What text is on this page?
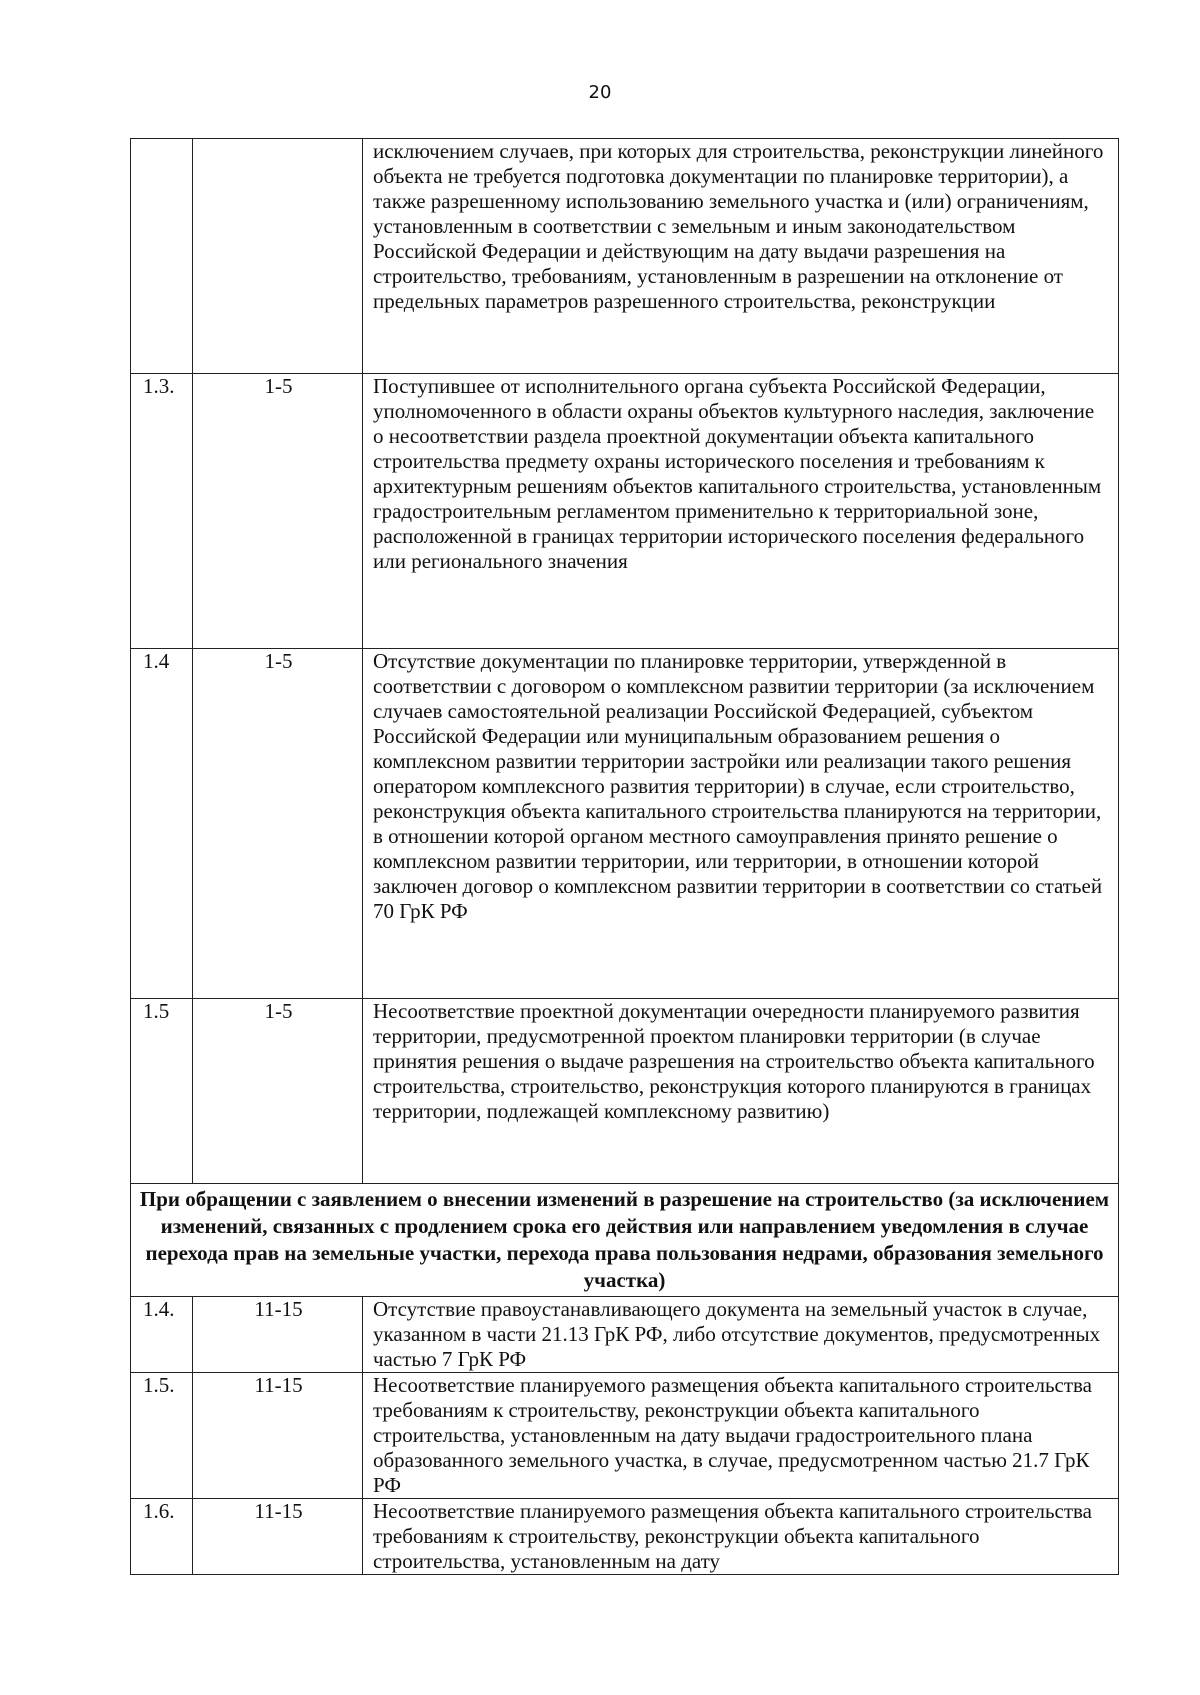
20
		исключением случаев, при которых для строительства, реконструкции линейного объекта не требуется подготовка документации по планировке территории), а также разрешенному использованию земельного участка и (или) ограничениям, установленным в соответствии с земельным и иным законодательством Российской Федерации и действующим на дату выдачи разрешения на строительство, требованиям, установленным в разрешении на отклонение от предельных параметров разрешенного строительства, реконструкции
1.3.	1-5	Поступившее от исполнительного органа субъекта Российской Федерации, уполномоченного в области охраны объектов культурного наследия, заключение о несоответствии раздела проектной документации объекта капитального строительства предмету охраны исторического поселения и требованиям к архитектурным решениям объектов капитального строительства, установленным градостроительным регламентом применительно к территориальной зоне, расположенной в границах территории исторического поселения федерального или регионального значения
1.4	1-5	Отсутствие документации по планировке территории, утвержденной в соответствии с договором о комплексном развитии территории (за исключением случаев самостоятельной реализации Российской Федерацией, субъектом Российской Федерации или муниципальным образованием решения о комплексном развитии территории застройки или реализации такого решения оператором комплексного развития территории) в случае, если строительство, реконструкция объекта капитального строительства планируются на территории, в отношении которой органом местного самоуправления принято решение о комплексном развитии территории, или территории, в отношении которой заключен договор о комплексном развитии территории в соответствии со статьей 70 ГрК РФ
1.5	1-5	Несоответствие проектной документации очередности планируемого развития территории, предусмотренной проектом планировки территории (в случае принятия решения о выдаче разрешения на строительство объекта капитального строительства, строительство, реконструкция которого планируются в границах территории, подлежащей комплексному развитию)
При обращении с заявлением о внесении изменений в разрешение на строительство (за исключением изменений, связанных с продлением срока его действия или направлением уведомления в случае перехода прав на земельные участки, перехода права пользования недрами, образования земельного участка)		
1.4.	11-15	Отсутствие правоустанавливающего документа на земельный участок в случае, указанном в части 21.13 ГрК РФ, либо отсутствие документов, предусмотренных частью 7 ГрК РФ
1.5.	11-15	Несоответствие планируемого размещения объекта капитального строительства требованиям к строительству, реконструкции объекта капитального строительства, установленным на дату выдачи градостроительного плана образованного земельного участка, в случае, предусмотренном частью 21.7 ГрК РФ
1.6.	11-15	Несоответствие планируемого размещения объекта капитального строительства требованиям к строительству, реконструкции объекта капитального строительства, установленным на дату
